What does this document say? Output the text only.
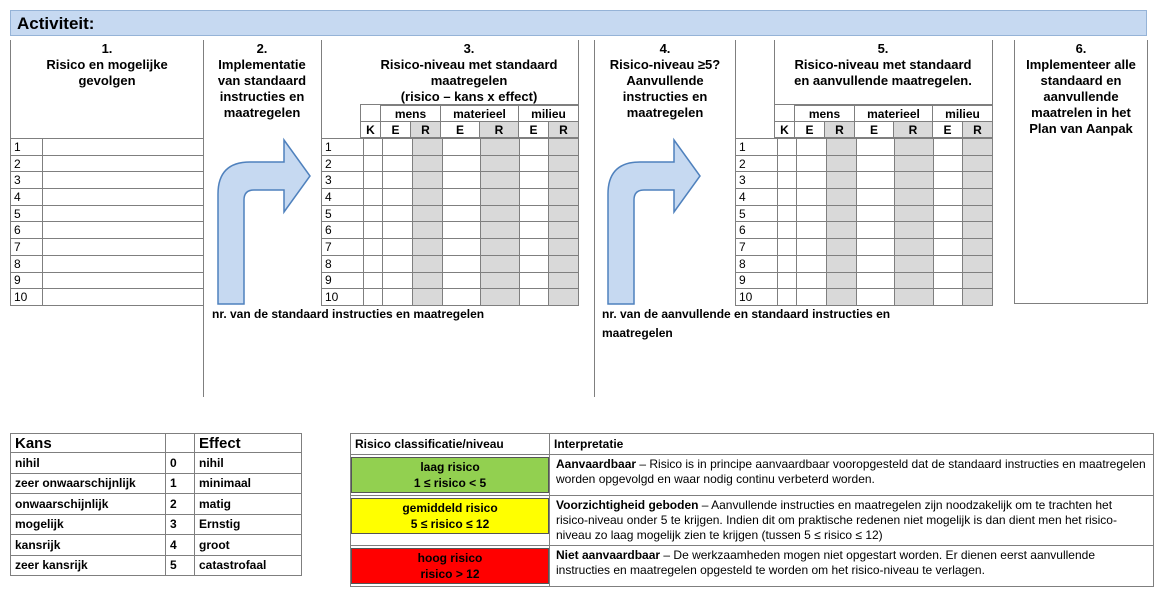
Activiteit:
1.
Risico en mogelijke
gevolgen
2.
Implementatie
van standaard
instructies en
maatregelen
3.
Risico-niveau met standaard
maatregelen
(risico – kans x effect)
4.
Risico-niveau ≥5?
Aanvullende
instructies en
maatregelen
5.
Risico-niveau met standaard
en aanvullende maatregelen.
6.
Implementeer alle
standaard en
aanvullende
maatrelen in het
Plan van Aanpak
1	
2	
3	
4	
5	
6	
7	
8	
9	
10	
	mens		materieel		milieu	
K	E	R	E	R	E	R
1							
2							
3							
4							
5							
6							
7							
8							
9							
10							
	mens		materieel		milieu	
K	E	R	E	R	E	R
1							
2							
3							
4							
5							
6							
7							
8							
9							
10							
nr. van de standaard instructies en maatregelen	nr. van de aanvullende en standaard instructies en
maatregelen
Kans		Effect
nihil	0	nihil
zeer onwaarschijnlijk	1	minimaal
onwaarschijnlijk	2	matig
mogelijk	3	Ernstig
kansrijk	4	groot
zeer kansrijk	5	catastrofaal
Risico classificatie/niveau	Interpretatie

laag risico
1 ≤ risico < 5	Aanvaardbaar – Risico is in principe aanvaardbaar vooropgesteld dat de standaard instructies en maatregelen worden opgevolgd en waar nodig continu verbeterd worden.

gemiddeld risico
5 ≤ risico ≤ 12	Voorzichtigheid geboden – Aanvullende instructies en maatregelen zijn noodzakelijk om te trachten het risico-niveau onder 5 te krijgen. Indien dit om praktische redenen niet mogelijk is dan dient men het risico-niveau zo laag mogelijk zien te krijgen (tussen 5 ≤ risico ≤ 12)

hoog risico
risico > 12	Niet aanvaardbaar – De werkzaamheden mogen niet opgestart worden. Er dienen eerst aanvullende instructies en maatregelen opgesteld te worden om het risico-niveau te verlagen.
